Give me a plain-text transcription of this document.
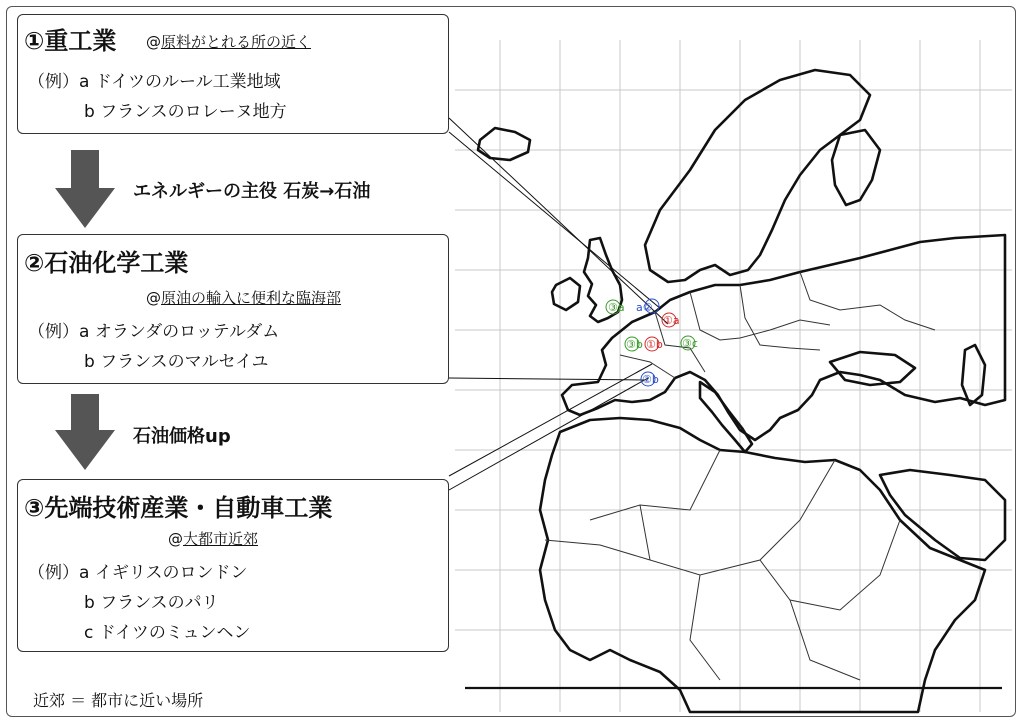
③a a②
①a
③b ①b ③c
②b
①重工業 @原料がとれる所の近く
（例）a ドイツのルール工業地域
b フランスのロレーヌ地方
エネルギーの主役 石炭→石油
②石油化学工業
@原油の輸入に便利な臨海部
（例）a オランダのロッテルダム
b フランスのマルセイユ
石油価格up
③先端技術産業・自動車工業
@大都市近郊
（例）a イギリスのロンドン
b フランスのパリ
c ドイツのミュンヘン
近郊 ＝ 都市に近い場所
